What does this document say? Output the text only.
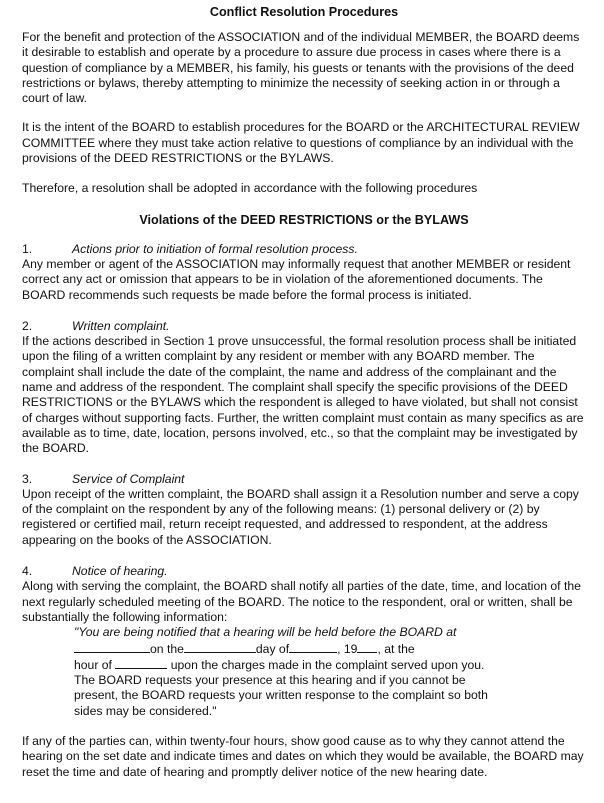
Conflict Resolution Procedures

For the benefit and protection of the ASSOCIATION and of the individual MEMBER, the BOARD deems it desirable to establish and operate by a procedure to assure due process in cases where there is a question of compliance by a MEMBER, his family, his guests or tenants with the provisions of the deed restrictions or bylaws, thereby attempting to minimize the necessity of seeking action in or through a court of law.

It is the intent of the BOARD to establish procedures for the BOARD or the ARCHITECTURAL REVIEW COMMITTEE where they must take action relative to questions of compliance by an individual with the provisions of the DEED RESTRICTIONS or the BYLAWS.

Therefore, a resolution shall be adopted in accordance with the following procedures

Violations of the DEED RESTRICTIONS or the BYLAWS
1.	Actions prior to initiation of formal resolution process.

Any member or agent of the ASSOCIATION may informally request that another MEMBER or resident correct any act or omission that appears to be in violation of the aforementioned documents. The BOARD recommends such requests be made before the formal process is initiated.

2.	Written complaint.

If the actions described in Section 1 prove unsuccessful, the formal resolution process shall be initiated upon the filing of a written complaint by any resident or member with any BOARD member. The complaint shall include the date of the complaint, the name and address of the complainant and the name and address of the respondent. The complaint shall specify the specific provisions of the DEED RESTRICTIONS or the BYLAWS which the respondent is alleged to have violated, but shall not consist of charges without supporting facts. Further, the written complaint must contain as many specifics as are available as to time, date, location, persons involved, etc., so that the complaint may be investigated by the BOARD.

3.	Service of Complaint

Upon receipt of the written complaint, the BOARD shall assign it a Resolution number and serve a copy of the complaint on the respondent by any of the following means: (1) personal delivery or (2) by registered or certified mail, return receipt requested, and addressed to respondent, at the address appearing on the books of the ASSOCIATION.

4.	Notice of hearing.

Along with serving the complaint, the BOARD shall notify all parties of the date, time, and location of the next regularly scheduled meeting of the BOARD. The notice to the respondent, oral or written, shall be substantially the following information:

"You are being notified that a hearing will be held before the BOARD at
on the	day of	, 19 , at the
hour of	upon the charges made in the complaint served upon you.
The BOARD requests your presence at this hearing and if you cannot be present, the BOARD requests your written response to the complaint so both sides may be considered."

If any of the parties can, within twenty-four hours, show good cause as to why they cannot attend the hearing on the set date and indicate times and dates on which they would be available, the BOARD may reset the time and date of hearing and promptly deliver notice of the new hearing date.
